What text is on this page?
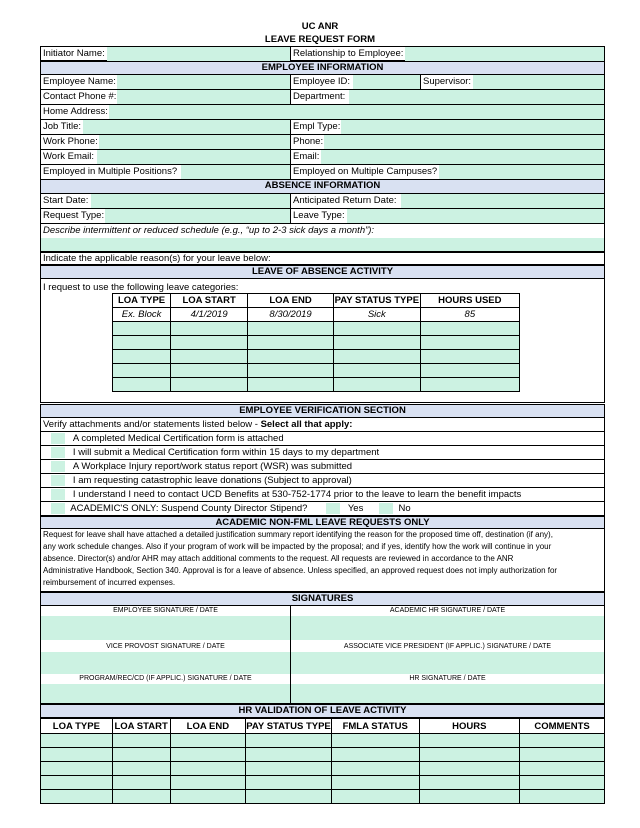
UC ANR
LEAVE REQUEST FORM
Initiator Name:	Relationship to Employee:
EMPLOYEE INFORMATION
Employee Name:	Employee ID:	Supervisor:
Contact Phone #:	Department:
Home Address:
Job Title:	Empl Type:
Work Phone:	Phone:
Work Email:	Email:
Employed in Multiple Positions?	Employed on Multiple Campuses?
ABSENCE INFORMATION
Start Date:	Anticipated Return Date:
Request Type:	Leave Type:
Describe intermittent or reduced schedule (e.g., “up to 2-3 sick days a month”):
Indicate the applicable reason(s) for your leave below:
LEAVE OF ABSENCE ACTIVITY
I request to use the following leave categories:
LOA TYPE	LOA START	LOA END	PAY STATUS TYPE	HOURS USED
Ex. Block	4/1/2019	8/30/2019	Sick	85

EMPLOYEE VERIFICATION SECTION
Verify attachments and/or statements listed below - Select all that apply:
A completed Medical Certification form is attached
I will submit a Medical Certification form within 15 days to my department
A Workplace Injury report/work status report (WSR) was submitted
I am requesting catastrophic leave donations (Subject to approval)
I understand I need to contact UCD Benefits at 530-752-1774 prior to the leave to learn the benefit impacts
ACADEMIC'S ONLY: Suspend County Director Stipend?	Yes	No
ACADEMIC NON-FML LEAVE REQUESTS ONLY
Request for leave shall have attached a detailed justification summary report identifying the reason for the proposed time off, destination (if any),
any work schedule changes. Also if your program of work will be impacted by the proposal; and if yes, identify how the work will continue in your
absence. Director(s) and/or AHR may attach additional comments to the request. All requests are reviewed in accordance to the ANR
Administrative Handbook, Section 340. Approval is for a leave of absence. Unless specified, an approved request does not imply authorization for
reimbursement of incurred expenses.
SIGNATURES
EMPLOYEE SIGNATURE / DATE	ACADEMIC HR SIGNATURE / DATE
VICE PROVOST SIGNATURE / DATE	ASSOCIATE VICE PRESIDENT (IF APPLIC.) SIGNATURE / DATE
PROGRAM/REC/CD (IF APPLIC.) SIGNATURE / DATE	HR SIGNATURE / DATE
HR VALIDATION OF LEAVE ACTIVITY
LOA TYPE	LOA START	LOA END	PAY STATUS TYPE	FMLA STATUS	HOURS	COMMENTS
